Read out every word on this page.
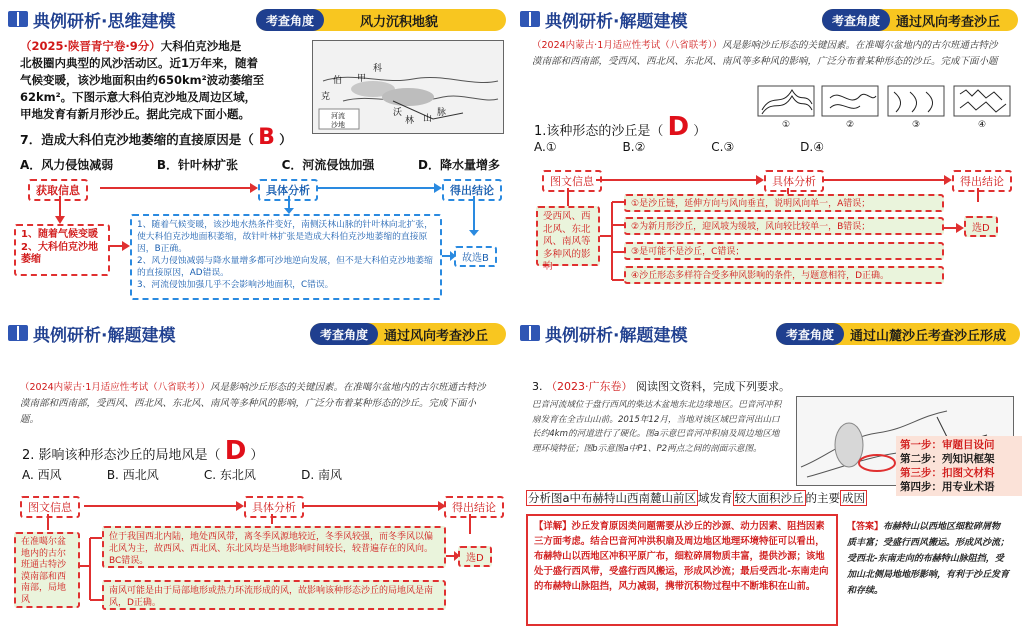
典例研析·思维建模	考查角度	风力沉积地貌
（2025·陕晋青宁卷·9分）大科伯克沙地是
北极圈内典型的风沙活动区。近1万年来，随着
气候变暖，该沙地面积由约650km²波动萎缩至
62km²。下图示意大科伯克沙地及周边区域，
甲地发育有新月形沙丘。据此完成下面小题。
甲
沃
林 山
脉
科
伯
克
河流
沙地
7．造成大科伯克沙地萎缩的直接原因是（ B ）
A．风力侵蚀减弱	B．针叶林扩张	C．河流侵蚀加强	D．降水量增多
获取信息	具体分析	得出结论
1、随着气候变暖
2、大科伯克沙地萎缩
1、随着气候变暖，该沙地水热条件变好，南侧沃林山脉的针叶林向北扩张，使大科伯克沙地面积萎缩，故针叶林扩张是造成大科伯克沙地萎缩的直接原因，B正确。
2、风力侵蚀减弱与降水量增多都可沙地逆向发展，但不是大科伯克沙地萎缩的直接原因，AD错误。
3、河流侵蚀加强几乎不会影响沙地面积，C错误。
故选B
典例研析·解题建模	考查角度	通过风向考查沙丘
（2024内蒙古·1月适应性考试（八省联考））风是影响沙丘形态的关键因素。在准噶尔盆地内的古尔班通古特沙漠南部和西南部，受西风、西北风、东北风、南风等多种风的影响，广泛分布着某种形态的沙丘。完成下面小题
①	②	③	④
1.该种形态的沙丘是（ D ）
A.①	B.②	C.③	D.④
图文信息	具体分析	得出结论
受西风、西北风、东北风、南风等多种风的影响
①是沙丘链，延伸方向与风向垂直，说明风向单一，A错误；
②为新月形沙丘，迎风坡为缓坡，风向较比较单一，B错误；
③是可能不是沙丘，C错误；
④沙丘形态多样符合受多种风影响的条件，与题意相符，D正确。
选D
典例研析·解题建模	考查角度	通过风向考查沙丘
（2024内蒙古·1月适应性考试（八省联考））风是影响沙丘形态的关键因素。在准噶尔盆地内的古尔班通古特沙漠南部和西南部，受西风、西北风、东北风、南风等多种风的影响，广泛分布着某种形态的沙丘。完成下面小题。
2. 影响该种形态沙丘的局地风是（ D ）
A. 西风	B. 西北风	C. 东北风	D. 南风
图文信息	具体分析	得出结论
在准噶尔盆地内的古尔班通古特沙漠南部和西南部，局地风
位于我国西北内陆，地处西风带，离冬季风源地较近，冬季风较强，而冬季风以偏北风为主，故西风、西北风、东北风均是当地影响时间较长，较普遍存在的风向。BC错误。
南风可能是由于局部地形或热力环流形成的风，故影响该种形态沙丘的局地风是南风，D正确。
选D
典例研析·解题建模	考查角度	通过山麓沙丘考查沙丘形成
3. （2023·广东卷） 阅读图文资料，完成下列要求。
巴音河流域位于盘行西风的柴达木盆地东北边缘地区。巴音河冲积扇发育在全吉山山前。2015年12月，当地对该区域巴音河出山口长约4km的河道进行了硬化。图a示意巴音河冲积扇及周边地区地理环境特征；图b示意图a中P1、P2两点之间的剖面示意图。	第一步：审题目设问
第二步：列知识框架
第三步：扣图文材料
第四步：用专业术语
分析图a中布赫特山西南麓山前区 域发育 较大面积沙丘 的主要 成因
【详解】沙丘发育原因类问题需要从沙丘的沙源、动力因素、阻挡因素三方面考虑。结合巴音河冲洪积扇及周边地区地理环境特征可以看出，布赫特山以西地区冲积平原广布，细粒碎屑物质丰富，提供沙源；该地处于盛行西风带，受盛行西风搬运，形成风沙流；最后受西北-东南走向的布赫特山脉阻挡，风力减弱，携带沉积物过程中不断堆积在山前。
【答案】布赫特山以西地区细粒碎屑物质丰富；受盛行西风搬运。形成风沙流；受西北-东南走向的布赫特山脉阻挡，受加山北侧局地地形影响，有利于沙丘发育和存续。
